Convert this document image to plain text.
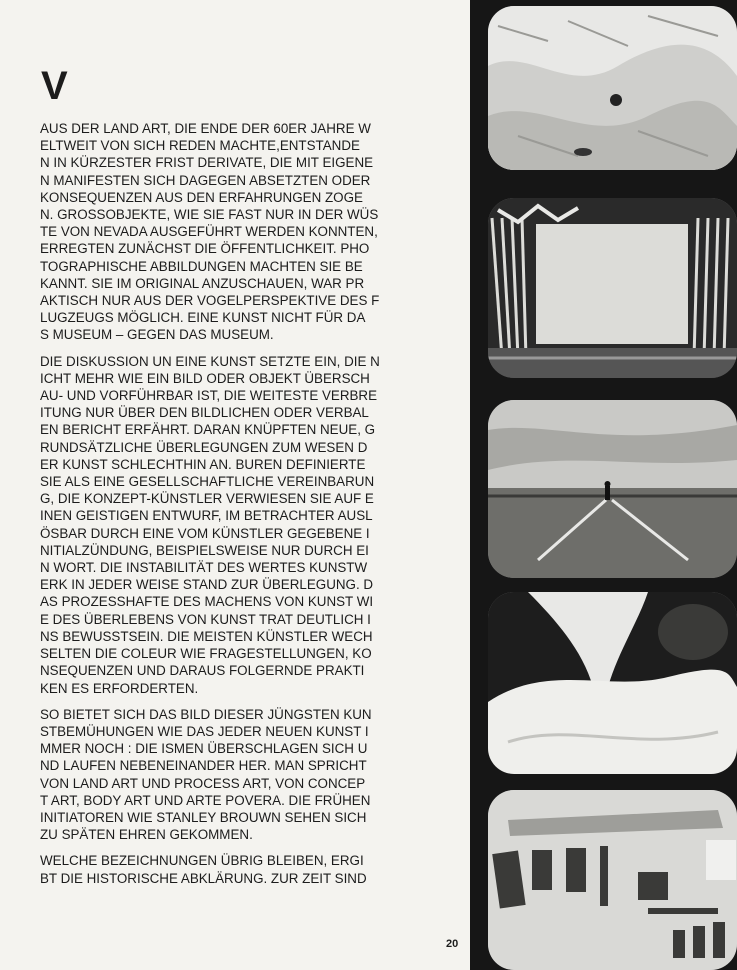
V

AUS DER LAND ART, DIE ENDE DER 60ER JAHRE W
ELTWEIT VON SICH REDEN MACHTE,ENTSTANDE
N IN KÜRZESTER FRIST DERIVATE, DIE MIT EIGENE
N MANIFESTEN SICH DAGEGEN ABSETZTEN ODER
KONSEQUENZEN AUS DEN ERFAHRUNGEN ZOGE
N. GROSSOBJEKTE, WIE SIE FAST NUR IN DER WÜS
TE VON NEVADA AUSGEFÜHRT WERDEN KONNTEN,
ERREGTEN ZUNÄCHST DIE ÖFFENTLICHKEIT. PHO
TOGRAPHISCHE ABBILDUNGEN MACHTEN SIE BE
KANNT. SIE IM ORIGINAL ANZUSCHAUEN, WAR PR
AKTISCH NUR AUS DER VOGELPERSPEKTIVE DES F
LUGZEUGS MÖGLICH. EINE KUNST NICHT FÜR DA
S MUSEUM – GEGEN DAS MUSEUM.

DIE DISKUSSION UN EINE KUNST SETZTE EIN, DIE N
ICHT MEHR WIE EIN BILD ODER OBJEKT ÜBERSCH
AU- UND VORFÜHRBAR IST, DIE WEITESTE VERBRE
ITUNG NUR ÜBER DEN BILDLICHEN ODER VERBAL
EN BERICHT ERFÄHRT. DARAN KNÜPFTEN NEUE, G
RUNDSÄTZLICHE ÜBERLEGUNGEN ZUM WESEN D
ER KUNST SCHLECHTHIN AN. BUREN DEFINIERTE
SIE ALS EINE GESELLSCHAFTLICHE VEREINBARUN
G, DIE KONZEPT-KÜNSTLER VERWIESEN SIE AUF E
INEN GEISTIGEN ENTWURF, IM BETRACHTER AUSL
ÖSBAR DURCH EINE VOM KÜNSTLER GEGEBENE I
NITIALZÜNDUNG, BEISPIELSWEISE NUR DURCH EI
N WORT. DIE INSTABILITÄT DES WERTES KUNSTW
ERK IN JEDER WEISE STAND ZUR ÜBERLEGUNG. D
AS PROZESSHAFTE DES MACHENS VON KUNST WI
E DES ÜBERLEBENS VON KUNST TRAT DEUTLICH I
NS BEWUSSTSEIN. DIE MEISTEN KÜNSTLER WECH
SELTEN DIE COLEUR WIE FRAGESTELLUNGEN, KO
NSEQUENZEN UND DARAUS FOLGERNDE PRAKTI
KEN ES ERFORDERTEN.

SO BIETET SICH DAS BILD DIESER JÜNGSTEN KUN
STBEMÜHUNGEN WIE DAS JEDER NEUEN KUNST I
MMER NOCH : DIE ISMEN ÜBERSCHLAGEN SICH U
ND LAUFEN NEBENEINANDER HER. MAN SPRICHT
VON LAND ART UND PROCESS ART, VON CONCEP
T ART, BODY ART UND ARTE POVERA. DIE FRÜHEN
INITIATOREN WIE STANLEY BROUWN SEHEN SICH
ZU SPÄTEN EHREN GEKOMMEN.

WELCHE BEZEICHNUNGEN ÜBRIG BLEIBEN, ERGI
BT DIE HISTORISCHE ABKLÄRUNG. ZUR ZEIT SIND

20
